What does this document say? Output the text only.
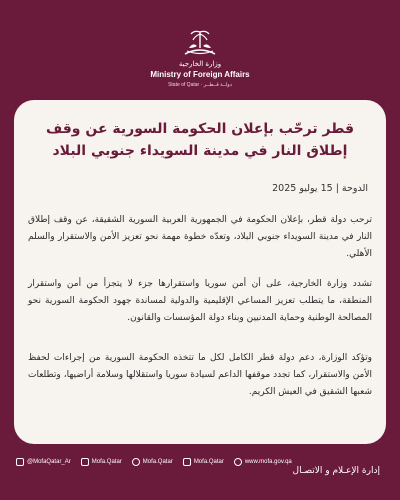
وزارة الخارجية
Ministry of Foreign Affairs
State of Qatar · دولــة قــطــر
قطر ترحّب بإعلان الحكومة السورية عن وقف
إطلاق النار في مدينة السويداء جنوبي البلاد
الدوحة | 15 يوليو 2025

ترحب دولة قطر، بإعلان الحكومة في الجمهورية العربية السورية الشقيقة، عن وقف إطلاق النار في مدينة السويداء جنوبي البلاد، وتعدّه خطوة مهمة نحو تعزيز الأمن والاستقرار والسلم الأهلي.

تشدد وزارة الخارجية، على أن أمن سوريا واستقرارها جزء لا يتجزأ من أمن واستقرار المنطقة، ما يتطلب تعزيز المساعي الإقليمية والدولية لمساندة جهود الحكومة السورية نحو المصالحة الوطنية وحماية المدنيين وبناء دولة المؤسسات والقانون.

وتؤكد الوزارة، دعم دولة قطر الكامل لكل ما تتخذه الحكومة السورية من إجراءات لحفظ الأمن والاستقرار، كما تجدد موقفها الداعم لسيادة سوريا واستقلالها وسلامة أراضيها، وتطلعات شعبها الشقيق في العيش الكريم.

@MofaQatar_Ar	Mofa.Qatar	Mofa.Qatar	Mofa.Qatar	www.mofa.gov.qa
إدارة الإعـلام و الاتصـال
